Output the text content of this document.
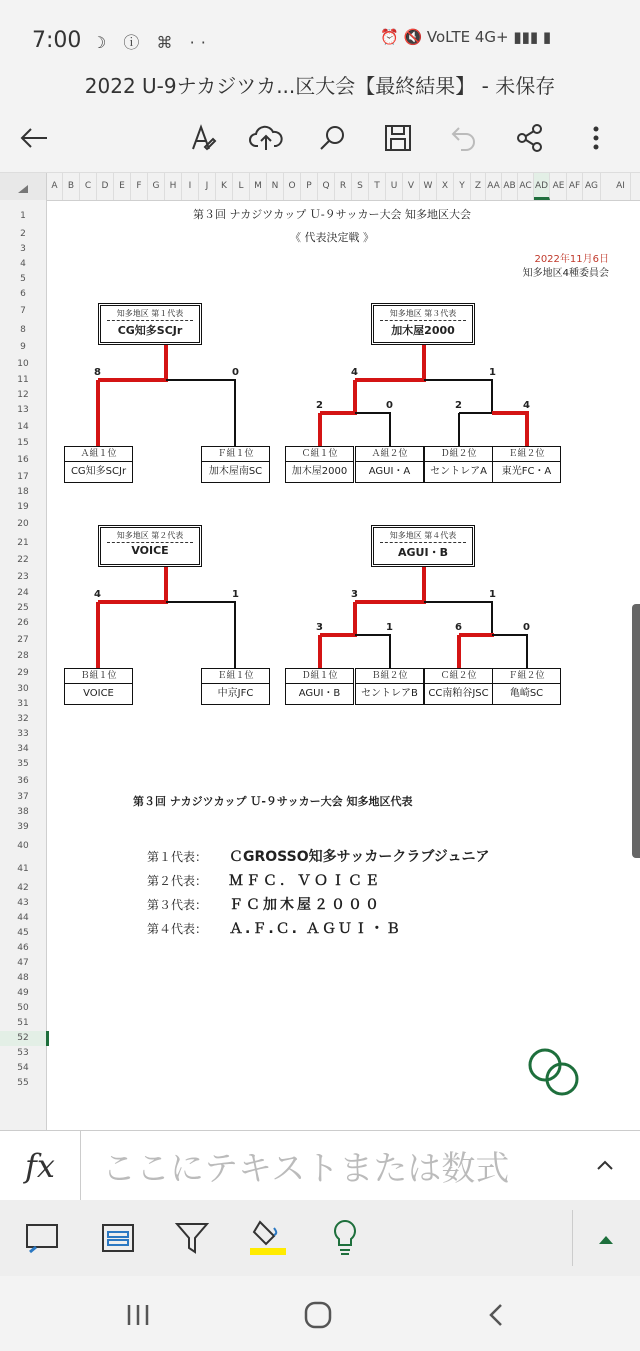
7:00 ☽ ⓘ ⌘ ··	⏰ 🔇 VoLTE 4G+ ▮▮▮ ▮
2022 U-9ナカジツカ...区大会【最終結果】 - 未保存
A	B	C	D	E	F	G	H	I	J	K	L	M	N	O	P	Q	R	S	T	U	V	W	X	Y	Z AA AB AC AD AE AF AG	AI
1
2
3
4
5
6
7
8
9
10
11
12
13
14
15
16
17
18
19
20
21
22
23
24
25
26
27
28
29
30
31
32
33
34
35
36
37
38
39
40
41
42
43
44
45
46
47
48
49
50
51
52
53
54
55
第３回 ナカジツカップ Ｕ-９サッカー大会 知多地区大会
《 代表決定戦 》
2022年11月6日
知多地区4種委員会
知多地区 第１代表
CG知多SCJr
8	0
Ａ組１位
CG知多SCJr
Ｆ組１位
加木屋南SC
知多地区 第３代表
加木屋2000
4	1
2	0	2	4
Ｃ組１位
加木屋2000
Ａ組２位
AGUI・A
Ｄ組２位
セントレアA
Ｅ組２位
東光FC・A
知多地区 第２代表
VOICE
4	1
Ｂ組１位
VOICE
Ｅ組１位
中京JFC
知多地区 第４代表
AGUI・B
3	1
3	1	6	0
Ｄ組１位
AGUI・B
Ｂ組２位
セントレアB
Ｃ組２位
CC南粕谷JSC
Ｆ組２位
亀崎SC
第３回 ナカジツカップ Ｕ-９サッカー大会 知多地区代表
第１代表： ＣGROSSO知多サッカークラブジュニア
第２代表： ＭＦＣ．ＶＯＩＣＥ
第３代表： ＦＣ加木屋２０００
第４代表： Ａ.Ｆ.Ｃ. ＡＧＵＩ・Ｂ
fx	ここにテキストまたは数式
